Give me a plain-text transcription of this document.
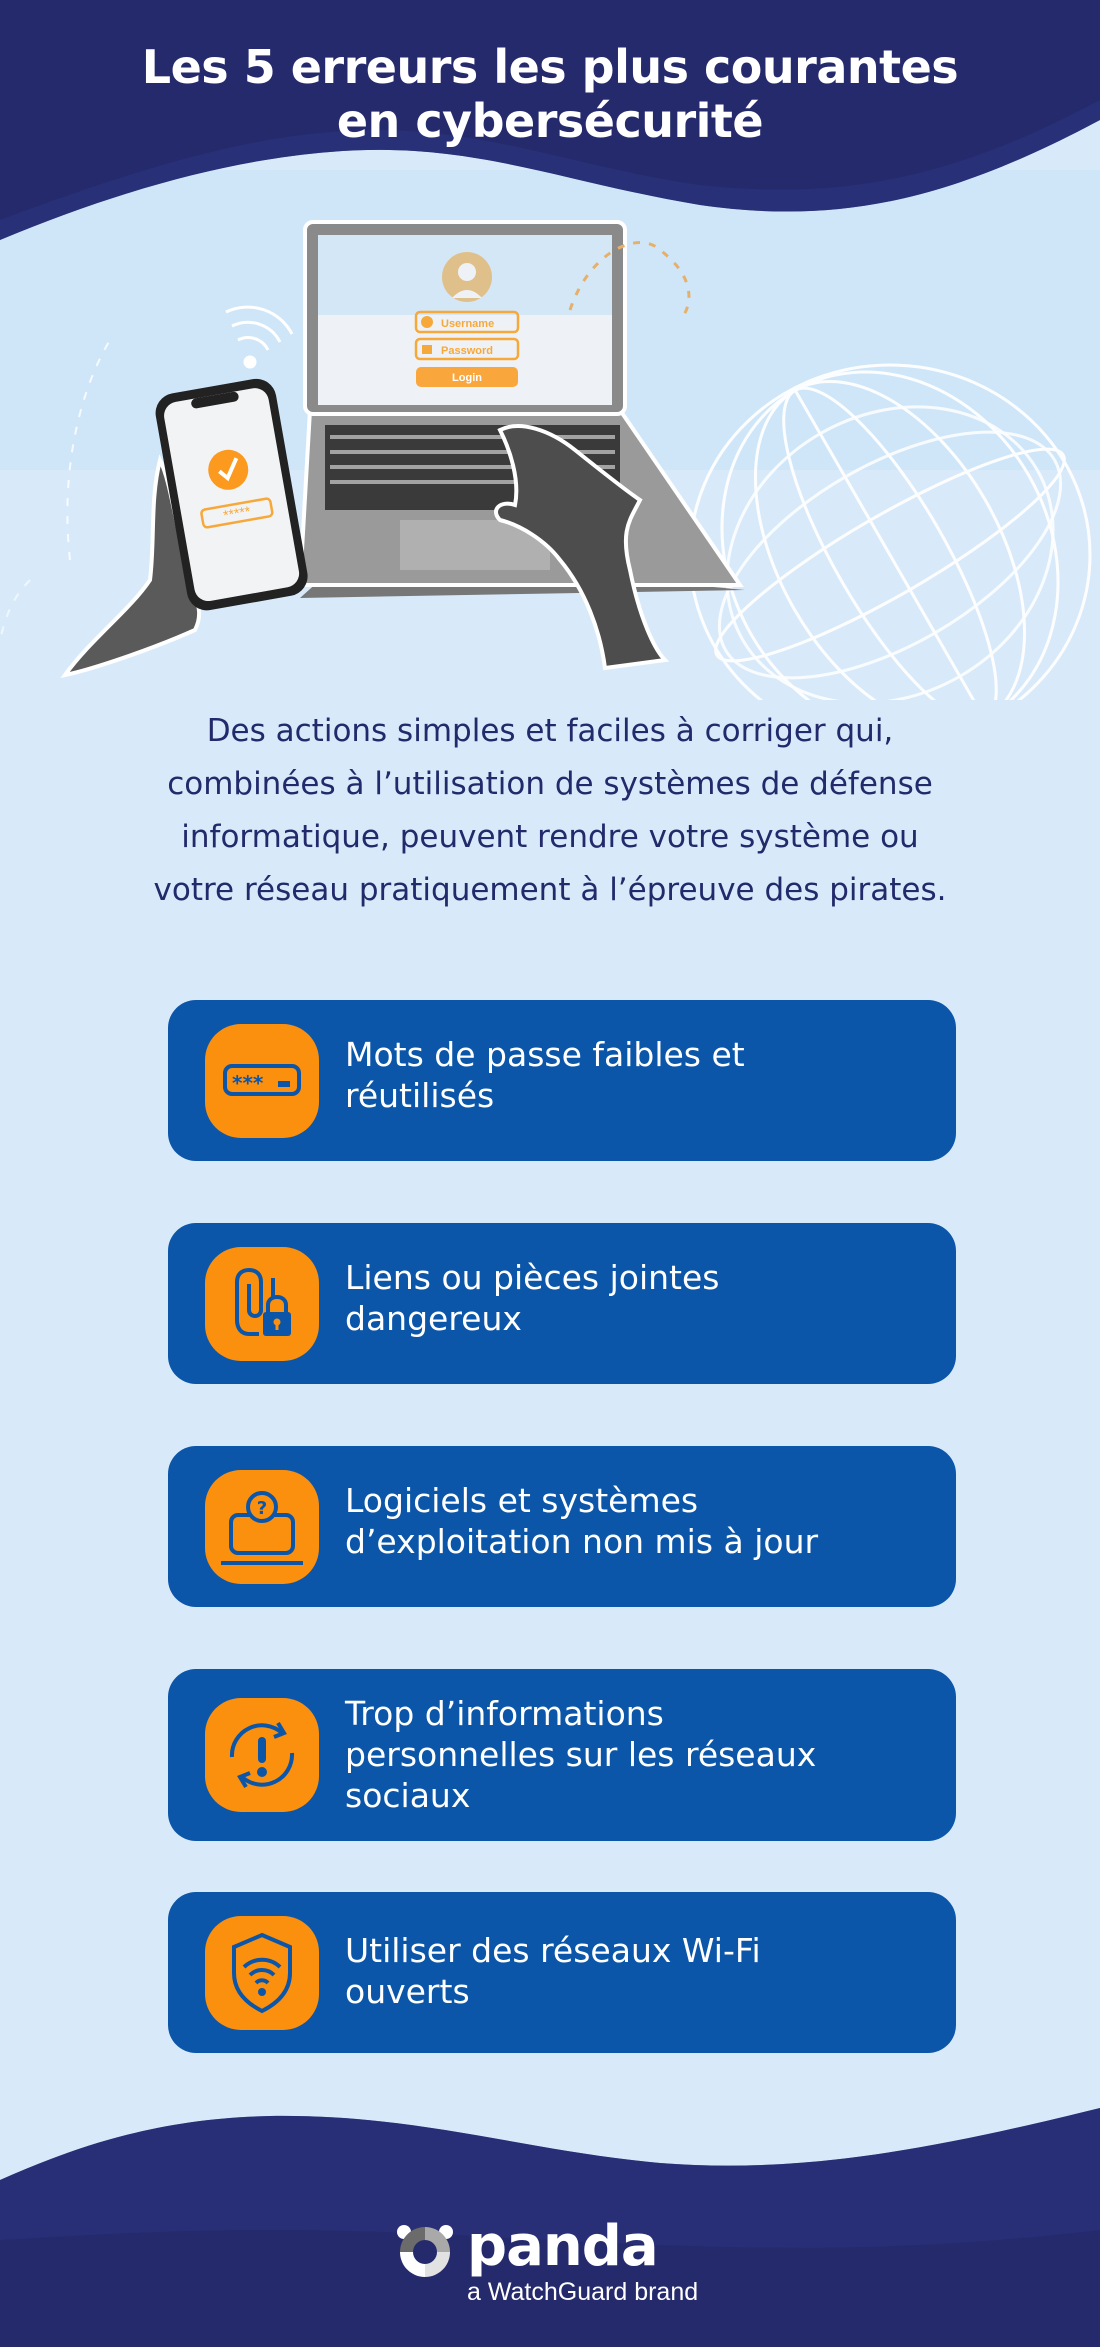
Les 5 erreurs les plus courantes
en cybersécurité
Username
Password
Login
*****
Des actions simples et faciles à corriger qui,
combinées à l’utilisation de systèmes de défense
informatique, peuvent rendre votre système ou
votre réseau pratiquement à l’épreuve des pirates.
***
Mots de passe faibles et
réutilisés
Liens ou pièces jointes
dangereux
? Logiciels et systèmes
d’exploitation non mis à jour
Trop d’informations
personnelles sur les réseaux
sociaux
Utiliser des réseaux Wi-Fi
ouverts
panda
a WatchGuard brand
